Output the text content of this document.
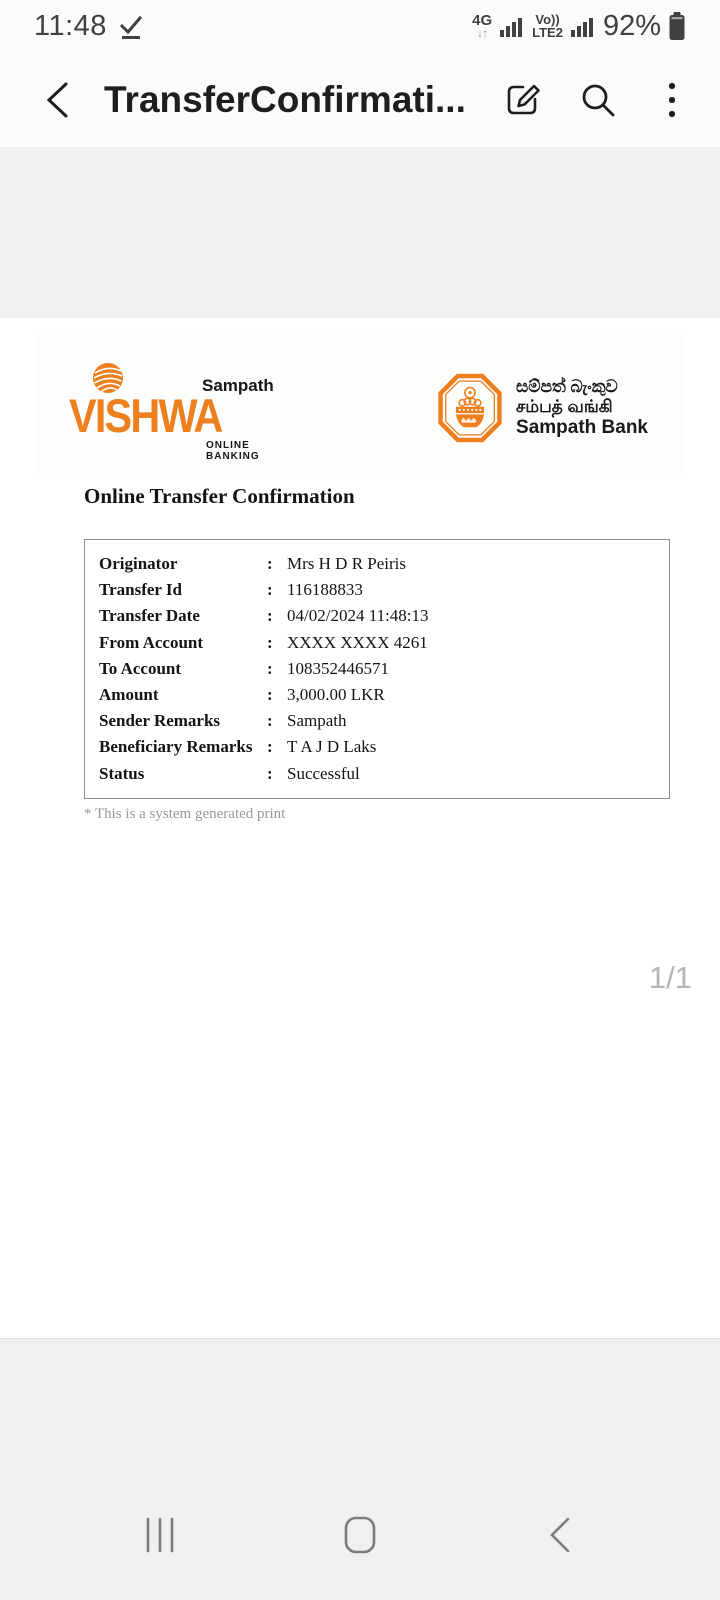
11:48	4G
↓↑
Vo))
LTE2 92%
TransferConfirmati...
Sampath
VISHWA
ONLINE BANKING
සම්පත් බැංකුව
சம்பத் வங்கி
Sampath Bank
Online Transfer Confirmation
Originator	: Mrs H D R Peiris
Transfer Id	: 116188833
Transfer Date	: 04/02/2024 11:48:13
From Account	: XXXX XXXX 4261
To Account	: 108352446571
Amount	: 3,000.00 LKR
Sender Remarks	: Sampath
Beneficiary Remarks : T A J D Laks
Status	: Successful
* This is a system generated print
1/1
